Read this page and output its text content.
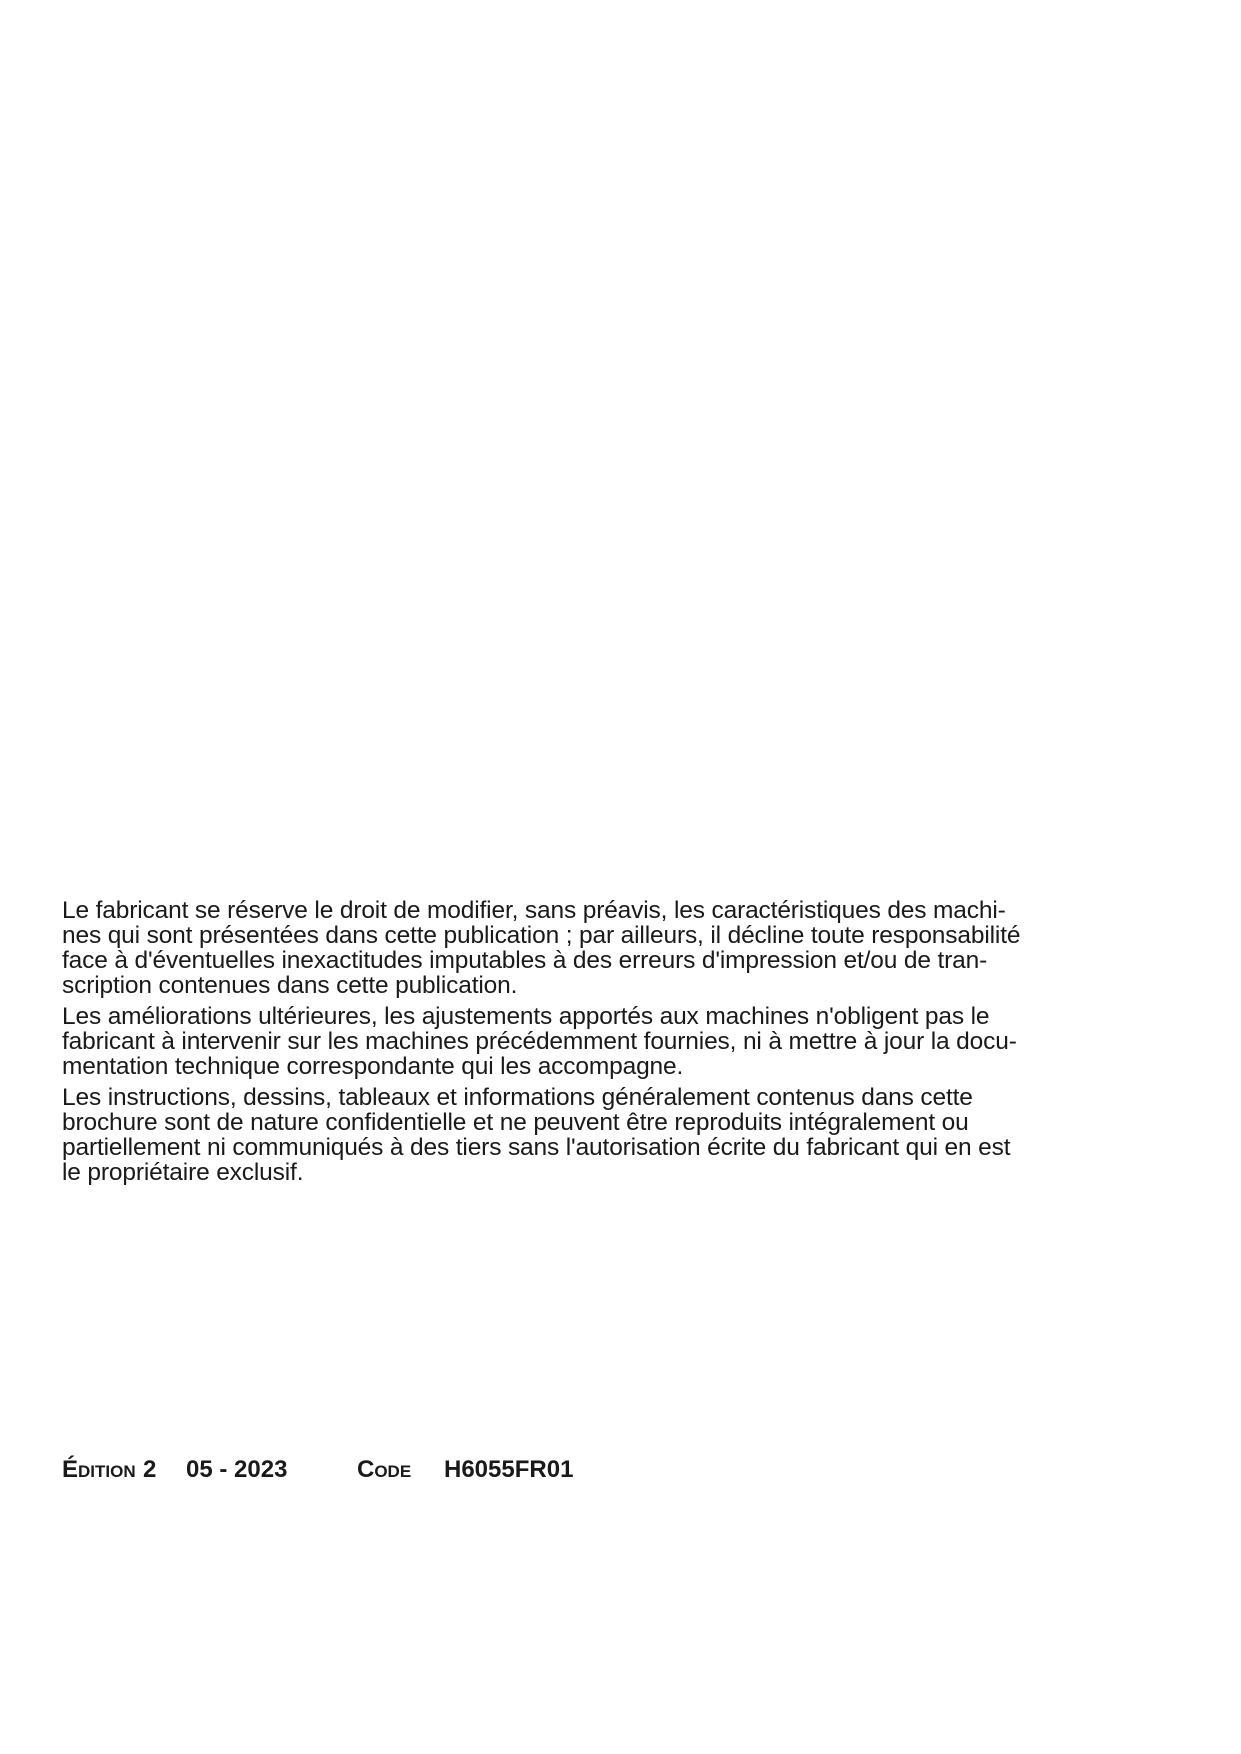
Le fabricant se réserve le droit de modifier, sans préavis, les caractéristiques des machi-
nes qui sont présentées dans cette publication ; par ailleurs, il décline toute responsabilité
face à d'éventuelles inexactitudes imputables à des erreurs d'impression et/ou de tran-
scription contenues dans cette publication.

Les améliorations ultérieures, les ajustements apportés aux machines n'obligent pas le
fabricant à intervenir sur les machines précédemment fournies, ni à mettre à jour la docu-
mentation technique correspondante qui les accompagne.

Les instructions, dessins, tableaux et informations généralement contenus dans cette
brochure sont de nature confidentielle et ne peuvent être reproduits intégralement ou
partiellement ni communiqués à des tiers sans l'autorisation écrite du fabricant qui en est
le propriétaire exclusif.

Édition 2 05 - 2023	Code H6055FR01
